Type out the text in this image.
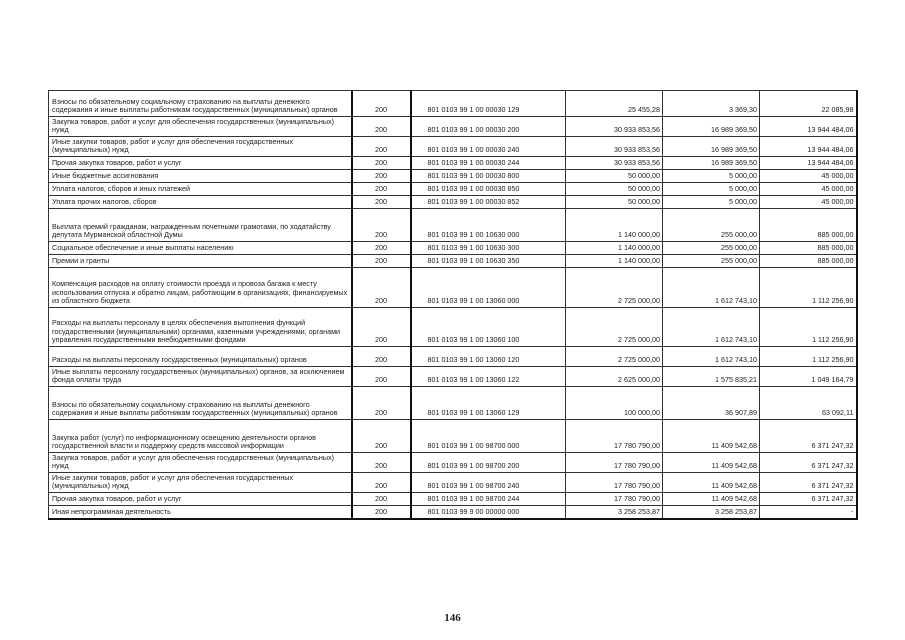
Взносы по обязательному социальному страхованию на выплаты денежного содержания и иные выплаты работникам государственных (муниципальных) органов	200	801 0103 99 1 00 00030 129	25 455,28	3 369,30	22 085,98
Закупка товаров, работ и услуг для обеспечения государственных (муниципальных) нужд	200	801 0103 99 1 00 00030 200	30 933 853,56	16 989 369,50	13 944 484,06
Иные закупки товаров, работ и услуг для обеспечения государственных (муниципальных) нужд	200	801 0103 99 1 00 00030 240	30 933 853,56	16 989 369,50	13 944 484,06
Прочая закупка товаров, работ и услуг	200	801 0103 99 1 00 00030 244	30 933 853,56	16 989 369,50	13 944 484,06
Иные бюджетные ассигнования	200	801 0103 99 1 00 00030 800	50 000,00	5 000,00	45 000,00
Уплата налогов, сборов и иных платежей	200	801 0103 99 1 00 00030 850	50 000,00	5 000,00	45 000,00
Уплата прочих налогов, сборов	200	801 0103 99 1 00 00030 852	50 000,00	5 000,00	45 000,00
Выплата премий гражданам, награжденным почетными грамотами, по ходатайству депутата Мурманской областной Думы	200	801 0103 99 1 00 10630 000	1 140 000,00	255 000,00	885 000,00
Социальное обеспечение и иные выплаты населению	200	801 0103 99 1 00 10630 300	1 140 000,00	255 000,00	885 000,00
Премии и гранты	200	801 0103 99 1 00 10630 350	1 140 000,00	255 000,00	885 000,00
Компенсация расходов на оплату стоимости проезда и провоза багажа к месту использования отпуска и обратно лицам, работающим в организациях, финансируемых из областного бюджета	200	801 0103 99 1 00 13060 000	2 725 000,00	1 612 743,10	1 112 256,90
Расходы на выплаты персоналу в целях обеспечения выполнения функций государственными (муниципальными) органами, казенными учреждениями, органами управления государственными внебюджетными фондами	200	801 0103 99 1 00 13060 100	2 725 000,00	1 612 743,10	1 112 256,90
Расходы на выплаты персоналу государственных (муниципальных) органов	200	801 0103 99 1 00 13060 120	2 725 000,00	1 612 743,10	1 112 256,90
Иные выплаты персоналу государственных (муниципальных) органов, за исключением фонда оплаты труда	200	801 0103 99 1 00 13060 122	2 625 000,00	1 575 835,21	1 049 164,79
Взносы по обязательному социальному страхованию на выплаты денежного содержания и иные выплаты работникам государственных (муниципальных) органов	200	801 0103 99 1 00 13060 129	100 000,00	36 907,89	63 092,11
Закупка работ (услуг) по информационному освещению деятельности органов государственной власти и поддержку средств массовой информации	200	801 0103 99 1 00 98700 000	17 780 790,00	11 409 542,68	6 371 247,32
Закупка товаров, работ и услуг для обеспечения государственных (муниципальных) нужд	200	801 0103 99 1 00 98700 200	17 780 790,00	11 409 542,68	6 371 247,32
Иные закупки товаров, работ и услуг для обеспечения государственных (муниципальных) нужд	200	801 0103 99 1 00 98700 240	17 780 790,00	11 409 542,68	6 371 247,32
Прочая закупка товаров, работ и услуг	200	801 0103 99 1 00 98700 244	17 780 790,00	11 409 542,68	6 371 247,32
Иная непрограммная деятельность	200	801 0103 99 9 00 00000 000	3 258 253,87	3 258 253,87	-
146
